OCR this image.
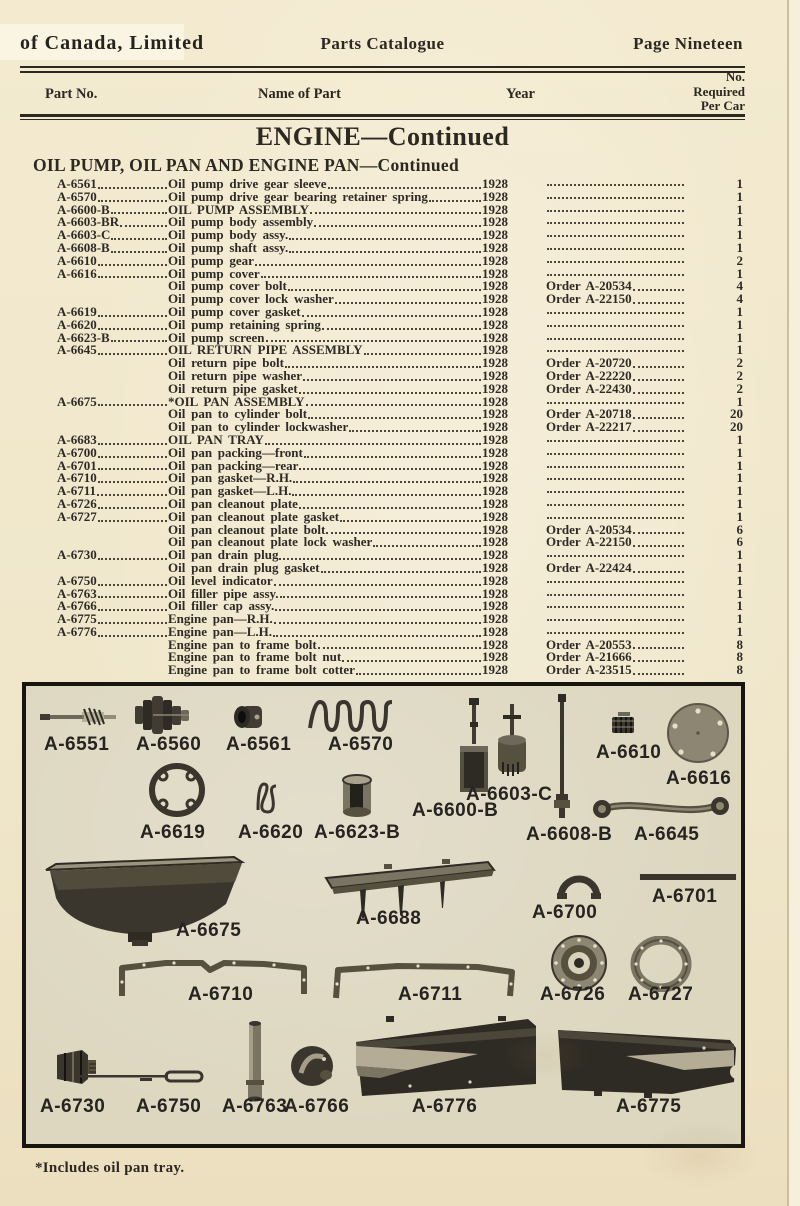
of Canada, Limited	Parts Catalogue	Page Nineteen
Part No.	Name of Part	Year
No.
Required
Per Car
ENGINE—Continued
OIL PUMP, OIL PAN AND ENGINE PAN—Continued
A-6561	Oil pump drive gear sleeve	1928	1
A-6570	Oil pump drive gear bearing retainer spring	1928	1
A-6600-B	OIL PUMP ASSEMBLY	1928	1
A-6603-BR	Oil pump body assembly	1928	1
A-6603-C	Oil pump body assy.	1928	1
A-6608-B	Oil pump shaft assy.	1928	1
A-6610	Oil pump gear	1928	2
A-6616	Oil pump cover	1928	1
Oil pump cover bolt	1928	Order A-20534	4
Oil pump cover lock washer	1928	Order A-22150	4
A-6619	Oil pump cover gasket	1928	1
A-6620	Oil pump retaining spring	1928	1
A-6623-B	Oil pump screen	1928	1
A-6645	OIL RETURN PIPE ASSEMBLY	1928	1
Oil return pipe bolt	1928	Order A-20720	2
Oil return pipe washer	1928	Order A-22220	2
Oil return pipe gasket	1928	Order A-22430	2
A-6675	*OIL PAN ASSEMBLY	1928	1
Oil pan to cylinder bolt	1928	Order A-20718	20
Oil pan to cylinder lockwasher	1928	Order A-22217	20
A-6683	OIL PAN TRAY	1928	1
A-6700	Oil pan packing—front	1928	1
A-6701	Oil pan packing—rear	1928	1
A-6710	Oil pan gasket—R.H.	1928	1
A-6711	Oil pan gasket—L.H.	1928	1
A-6726	Oil pan cleanout plate	1928	1
A-6727	Oil pan cleanout plate gasket	1928	1
Oil pan cleanout plate bolt	1928	Order A-20534	6
Oil pan cleanout plate lock washer	1928	Order A-22150	6
A-6730	Oil pan drain plug	1928	1
Oil pan drain plug gasket	1928	Order A-22424	1
A-6750	Oil level indicator	1928	1
A-6763	Oil filler pipe assy.	1928	1
A-6766	Oil filler cap assy.	1928	1
A-6775	Engine pan—R.H.	1928	1
A-6776	Engine pan—L.H.	1928	1
Engine pan to frame bolt	1928	Order A-20553	8
Engine pan to frame bolt nut	1928	Order A-21666	8
Engine pan to frame bolt cotter	1928	Order A-23515	8
A-6551 A-6560 A-6561 A-6570
A-6600-B
A-6603-C
A-6610
A-6616
A-6619 A-6620 A-6623-B	A-6608-B A-6645
A-6675
A-6688	A-6700
A-6701
A-6710	A-6711	A-6726 A-6727
A-6730 A-6750 A-6763
A-6766	A-6776	A-6775
*Includes oil pan tray.
